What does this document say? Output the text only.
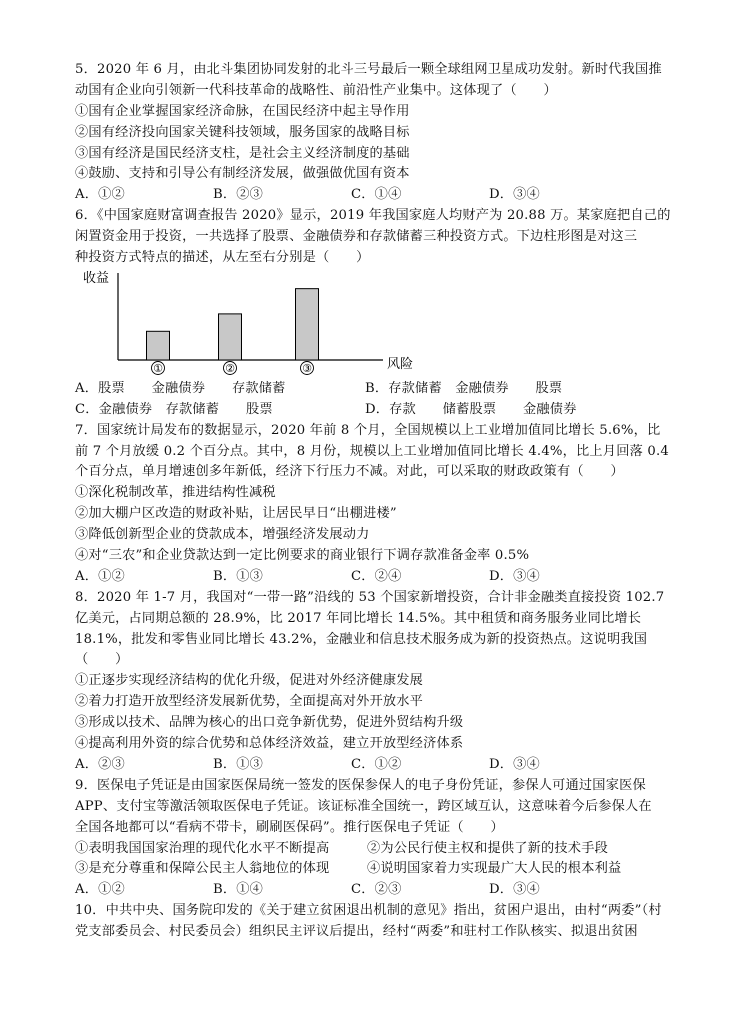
5．2020 年 6 月，由北斗集团协同发射的北斗三号最后一颗全球组网卫星成功发射。新时代我国推
动国有企业向引领新一代科技革命的战略性、前沿性产业集中。这体现了（　　）
①国有企业掌握国家经济命脉，在国民经济中起主导作用
②国有经济投向国家关键科技领域，服务国家的战略目标
③国有经济是国民经济支柱，是社会主义经济制度的基础
④鼓励、支持和引导公有制经济发展，做强做优国有资本
A．①②	B．②③	C．①④	D．③④
6．《中国家庭财富调查报告 2020》显示，2019 年我国家庭人均财产为 20.88 万。某家庭把自己的
闲置资金用于投资，一共选择了股票、金融债券和存款储蓄三种投资方式。下边柱形图是对这三
种投资方式特点的描述，从左至右分别是（　　）
收益
风险
①	②	③
A．股票　　金融债券　　存款储蓄	B．存款储蓄　金融债券　　股票
C．金融债券　存款储蓄　　股票	D．存款　　储蓄股票　　金融债券
7．国家统计局发布的数据显示，2020 年前 8 个月，全国规模以上工业增加值同比增长 5.6%，比
前 7 个月放缓 0.2 个百分点。其中，8 月份，规模以上工业增加值同比增长 4.4%，比上月回落 0.4
个百分点，单月增速创多年新低，经济下行压力不减。对此，可以采取的财政政策有（　　）
①深化税制改革，推进结构性减税
②加大棚户区改造的财政补贴，让居民早日“出棚进楼”
③降低创新型企业的贷款成本，增强经济发展动力
④对“三农”和企业贷款达到一定比例要求的商业银行下调存款准备金率 0.5%
A．①②	B．①③	C．②④	D．③④
8．2020 年 1-7 月，我国对“一带一路”沿线的 53 个国家新增投资，合计非金融类直接投资 102.7
亿美元，占同期总额的 28.9%，比 2017 年同比增长 14.5%。其中租赁和商务服务业同比增长
18.1%，批发和零售业同比增长 43.2%，金融业和信息技术服务成为新的投资热点。这说明我国
（　　）
①正逐步实现经济结构的优化升级，促进对外经济健康发展
②着力打造开放型经济发展新优势，全面提高对外开放水平
③形成以技术、品牌为核心的出口竞争新优势，促进外贸结构升级
④提高利用外资的综合优势和总体经济效益，建立开放型经济体系
A．②③	B．①③	C．①②	D．③④
9．医保电子凭证是由国家医保局统一签发的医保参保人的电子身份凭证，参保人可通过国家医保
APP、支付宝等激活领取医保电子凭证。该证标准全国统一，跨区域互认，这意味着今后参保人在
全国各地都可以“看病不带卡，刷刷医保码”。推行医保电子凭证（　　）
①表明我国国家治理的现代化水平不断提高	②为公民行使主权和提供了新的技术手段
③是充分尊重和保障公民主人翁地位的体现	④说明国家着力实现最广大人民的根本利益
A．①②	B．①④	C．②③	D．③④
10．中共中央、国务院印发的《关于建立贫困退出机制的意见》指出，贫困户退出，由村“两委”（村
党支部委员会、村民委员会）组织民主评议后提出，经村“两委”和驻村工作队核实、拟退出贫困
